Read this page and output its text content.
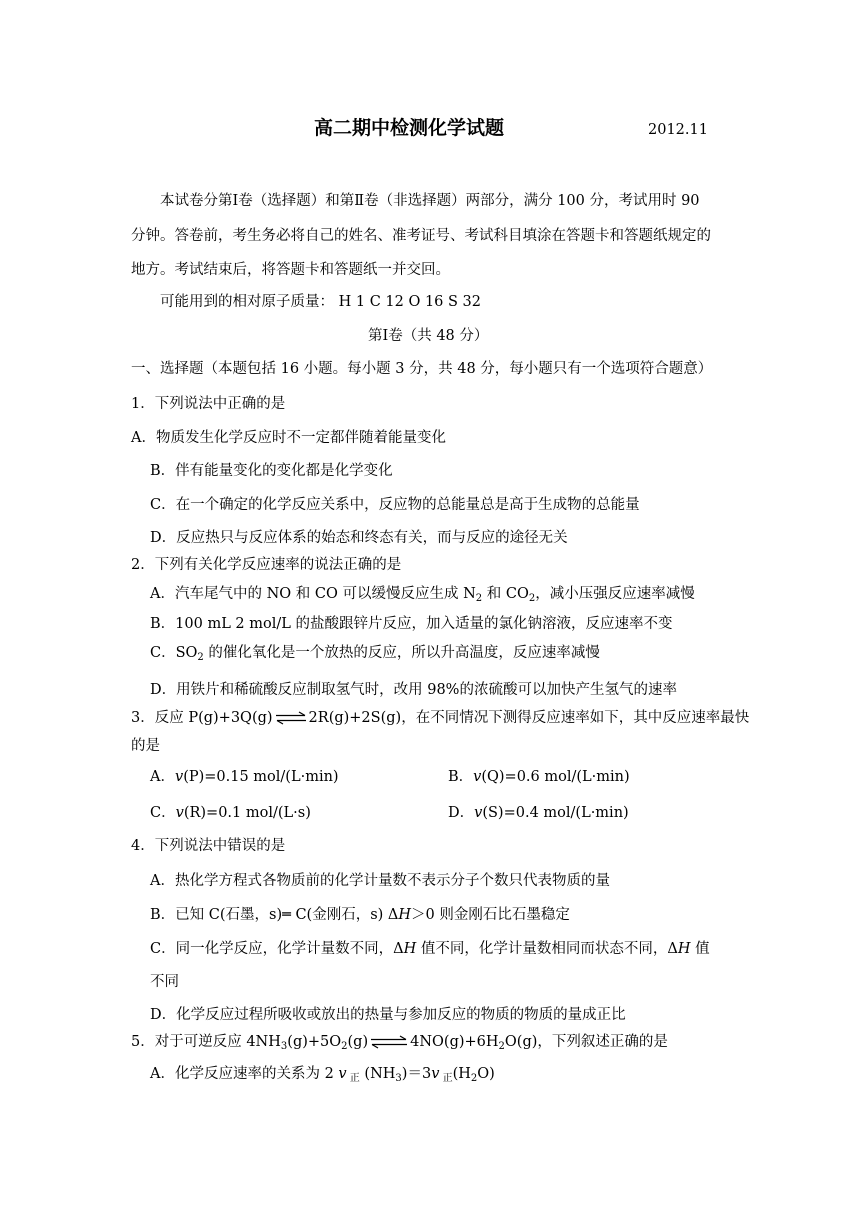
高二期中检测化学试题	2012.11
本试卷分第Ⅰ卷（选择题）和第Ⅱ卷（非选择题）两部分，满分 100 分，考试用时 90
分钟。答卷前，考生务必将自己的姓名、准考证号、考试科目填涂在答题卡和答题纸规定的
地方。考试结束后，将答题卡和答题纸一并交回。
可能用到的相对原子质量： H 1 C 12 O 16 S 32
第Ⅰ卷（共 48 分）
一、选择题（本题包括 16 小题。每小题 3 分，共 48 分，每小题只有一个选项符合题意）
1．下列说法中正确的是
A．物质发生化学反应时不一定都伴随着能量变化
B．伴有能量变化的变化都是化学变化
C．在一个确定的化学反应关系中，反应物的总能量总是高于生成物的总能量
D．反应热只与反应体系的始态和终态有关，而与反应的途径无关
2．下列有关化学反应速率的说法正确的是
A．汽车尾气中的 NO 和 CO 可以缓慢反应生成 $N_2$ 和 $CO_2$，减小压强反应速率减慢
B．100 mL 2 mol/L 的盐酸跟锌片反应，加入适量的氯化钠溶液，反应速率不变
C．$SO_2$ 的催化氧化是一个放热的反应，所以升高温度，反应速率减慢
D．用铁片和稀硫酸反应制取氢气时，改用 98%的浓硫酸可以加快产生氢气的速率
3．反应 P(g)+3Q(g)⇌2R(g)+2S(g)，在不同情况下测得反应速率如下，其中反应速率最快
的是
A．v(P)=0.15 mol/(L·min)	B．v(Q)=0.6 mol/(L·min)
C．v(R)=0.1 mol/(L·s)	D．v(S)=0.4 mol/(L·min)
4．下列说法中错误的是
A．热化学方程式各物质前的化学计量数不表示分子个数只代表物质的量
B．已知 C(石墨，s)═ C(金刚石，s) ΔH＞0 则金刚石比石墨稳定
C．同一化学反应，化学计量数不同，ΔH 值不同，化学计量数相同而状态不同，ΔH 值
不同
D．化学反应过程所吸收或放出的热量与参加反应的物质的物质的量成正比
5．对于可逆反应 $4NH_3(g)+5O_2(g)\rightleftharpoons 4NO(g)+6H_2O(g)$，下列叙述正确的是
A．化学反应速率的关系为 2 v $_正$ $(NH_3)=3v$ $_正(H_2O)$
